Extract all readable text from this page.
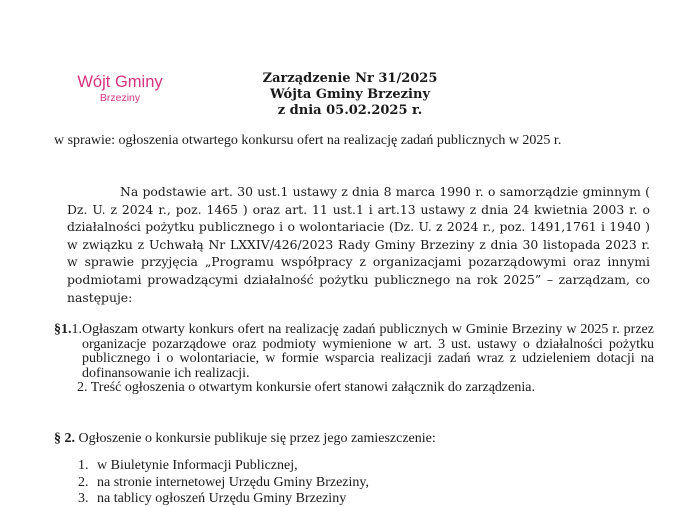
Wójt Gminy
Brzeziny
Zarządzenie Nr 31/2025
Wójta Gminy Brzeziny
z dnia 05.02.2025 r.
w sprawie: ogłoszenia otwartego konkursu ofert na realizację zadań publicznych w 2025 r.

Na podstawie art. 30 ust.1 ustawy z dnia 8 marca 1990 r. o samorządzie gminnym ( Dz. U. z 2024 r., poz. 1465 ) oraz art. 11 ust.1 i art.13 ustawy z dnia 24 kwietnia 2003 r. o działalności pożytku publicznego i o wolontariacie (Dz. U. z 2024 r., poz. 1491,1761 i 1940 ) w związku z Uchwałą Nr LXXIV/426/2023 Rady Gminy Brzeziny z dnia 30 listopada 2023 r. w sprawie przyjęcia „Programu współpracy z organizacjami pozarządowymi oraz innymi podmiotami prowadzącymi działalność pożytku publicznego na rok 2025” – zarządzam, co następuje:

§1. 1. Ogłaszam otwarty konkurs ofert na realizację zadań publicznych w Gminie Brzeziny w 2025 r. przez organizacje pozarządowe oraz podmioty wymienione w art. 3 ust. ustawy o działalności pożytku publicznego i o wolontariacie, w formie wsparcia realizacji zadań wraz z udzieleniem dotacji na dofinansowanie ich realizacji.
2. Treść ogłoszenia o otwartym konkursie ofert stanowi załącznik do zarządzenia.
§ 2. Ogłoszenie o konkursie publikuje się przez jego zamieszczenie:
1. w Biuletynie Informacji Publicznej,
2. na stronie internetowej Urzędu Gminy Brzeziny,
3. na tablicy ogłoszeń Urzędu Gminy Brzeziny
